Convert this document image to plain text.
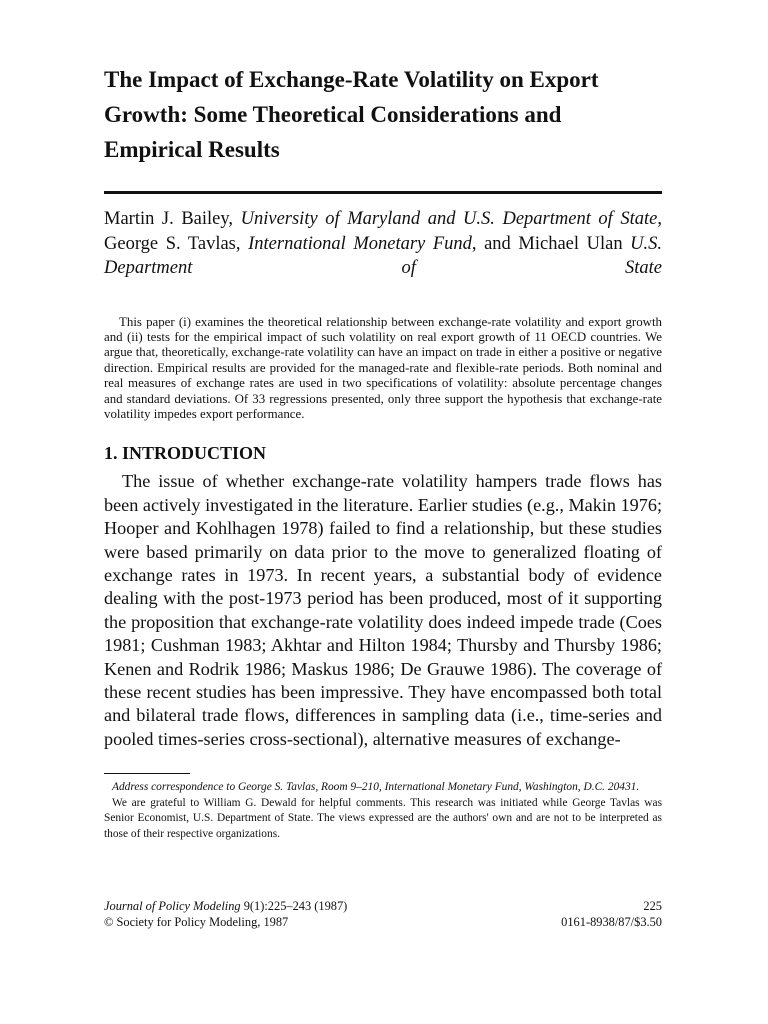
The Impact of Exchange-Rate Volatility on Export Growth: Some Theoretical Considerations and Empirical Results
Martin J. Bailey, University of Maryland and U.S. Department of State, George S. Tavlas, International Monetary Fund, and Michael Ulan U.S. Department of State

This paper (i) examines the theoretical relationship between exchange-rate volatility and export growth and (ii) tests for the empirical impact of such volatility on real export growth of 11 OECD countries. We argue that, theoretically, exchange-rate volatility can have an impact on trade in either a positive or negative direction. Empirical results are provided for the managed-rate and flexible-rate periods. Both nominal and real measures of exchange rates are used in two specifications of volatility: absolute percentage changes and standard deviations. Of 33 regressions presented, only three support the hypothesis that exchange-rate volatility impedes export performance.

1. INTRODUCTION

The issue of whether exchange-rate volatility hampers trade flows has been actively investigated in the literature. Earlier studies (e.g., Makin 1976; Hooper and Kohlhagen 1978) failed to find a relationship, but these studies were based primarily on data prior to the move to generalized floating of exchange rates in 1973. In recent years, a substantial body of evidence dealing with the post-1973 period has been produced, most of it supporting the proposition that exchange-rate volatility does indeed impede trade (Coes 1981; Cushman 1983; Akhtar and Hilton 1984; Thursby and Thursby 1986; Kenen and Rodrik 1986; Maskus 1986; De Grauwe 1986). The coverage of these recent studies has been impressive. They have encompassed both total and bilateral trade flows, differences in sampling data (i.e., time-series and pooled times-series cross-sectional), alternative measures of exchange-

Address correspondence to George S. Tavlas, Room 9–210, International Monetary Fund, Washington, D.C. 20431.
We are grateful to William G. Dewald for helpful comments. This research was initiated while George Tavlas was Senior Economist, U.S. Department of State. The views expressed are the authors' own and are not to be interpreted as those of their respective organizations.
Journal of Policy Modeling 9(1):225–243 (1987)	225
© Society for Policy Modeling, 1987	0161-8938/87/$3.50
